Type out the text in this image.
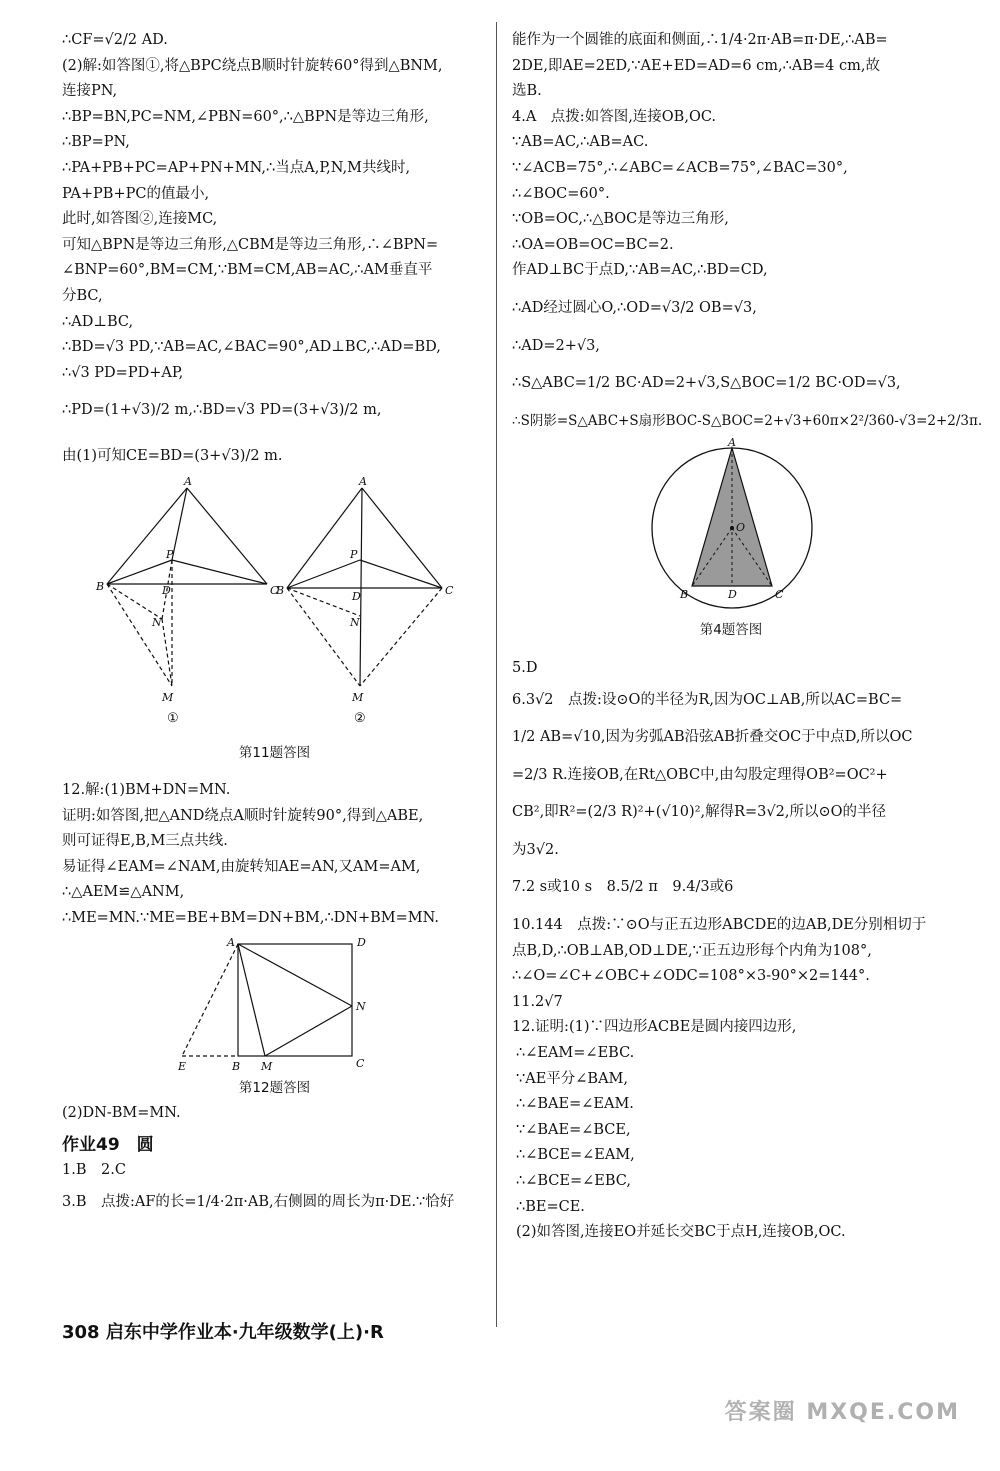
∴CF=√2/2 AD.
(2)解:如答图①,将△BPC绕点B顺时针旋转60°得到△BNM,
连接PN,
∴BP=BN,PC=NM,∠PBN=60°,∴△BPN是等边三角形,
∴BP=PN,
∴PA+PB+PC=AP+PN+MN,∴当点A,P,N,M共线时,
PA+PB+PC的值最小,
此时,如答图②,连接MC,
可知△BPN是等边三角形,△CBM是等边三角形,∴∠BPN=
∠BNP=60°,BM=CM,∵BM=CM,AB=AC,∴AM垂直平
分BC,
∴AD⊥BC,
∴BD=√3 PD,∵AB=AC,∠BAC=90°,AD⊥BC,∴AD=BD,
∴√3 PD=PD+AP,
∴PD=(1+√3)/2 m,∴BD=√3 PD=(3+√3)/2 m,
由(1)可知CE=BD=(3+√3)/2 m.
A
B	C
D
P
N
M
A
B	C
D
P
N
M
①	②
第11题答图
12.解:(1)BM+DN=MN.
证明:如答图,把△AND绕点A顺时针旋转90°,得到△ABE,
则可证得E,B,M三点共线.
易证得∠EAM=∠NAM,由旋转知AE=AN,又AM=AM,
∴△AEM≌△ANM,
∴ME=MN.∵ME=BE+BM=DN+BM,∴DN+BM=MN.
A	D
N
C
B M
E
第12题答图
(2)DN-BM=MN.
作业49　圆
1.B　2.C
3.B　点拨:AF的长=1/4·2π·AB,右侧圆的周长为π·DE.∵恰好
能作为一个圆锥的底面和侧面,∴1/4·2π·AB=π·DE,∴AB=
2DE,即AE=2ED,∵AE+ED=AD=6 cm,∴AB=4 cm,故
选B.
4.A　点拨:如答图,连接OB,OC.
∵AB=AC,∴AB=AC.
∵∠ACB=75°,∴∠ABC=∠ACB=75°,∠BAC=30°,
∴∠BOC=60°.
∵OB=OC,∴△BOC是等边三角形,
∴OA=OB=OC=BC=2.
作AD⊥BC于点D,∵AB=AC,∴BD=CD,
∴AD经过圆心O,∴OD=√3/2 OB=√3,
∴AD=2+√3,
∴S△ABC=1/2 BC·AD=2+√3,S△BOC=1/2 BC·OD=√3,
∴S阴影=S△ABC+S扇形BOC-S△BOC=2+√3+60π×2²/360-√3=2+2/3π.
A
O
B	C
D
第4题答图
5.D
6.3√2　点拨:设⊙O的半径为R,因为OC⊥AB,所以AC=BC=
1/2 AB=√10,因为劣弧AB沿弦AB折叠交OC于中点D,所以OC
=2/3 R.连接OB,在Rt△OBC中,由勾股定理得OB²=OC²+
CB²,即R²=(2/3 R)²+(√10)²,解得R=3√2,所以⊙O的半径
为3√2.
7.2 s或10 s　8.5/2 π　9.4/3或6
10.144　点拨:∵⊙O与正五边形ABCDE的边AB,DE分别相切于
点B,D,∴OB⊥AB,OD⊥DE,∵正五边形每个内角为108°,
∴∠O=∠C+∠OBC+∠ODC=108°×3-90°×2=144°.
11.2√7
12.证明:(1)∵四边形ACBE是圆内接四边形,
∴∠EAM=∠EBC.
∵AE平分∠BAM,
∴∠BAE=∠EAM.
∵∠BAE=∠BCE,
∴∠BCE=∠EAM,
∴∠BCE=∠EBC,
∴BE=CE.
(2)如答图,连接EO并延长交BC于点H,连接OB,OC.
308 启东中学作业本·九年级数学(上)·R
答案圈 MXQE.COM
